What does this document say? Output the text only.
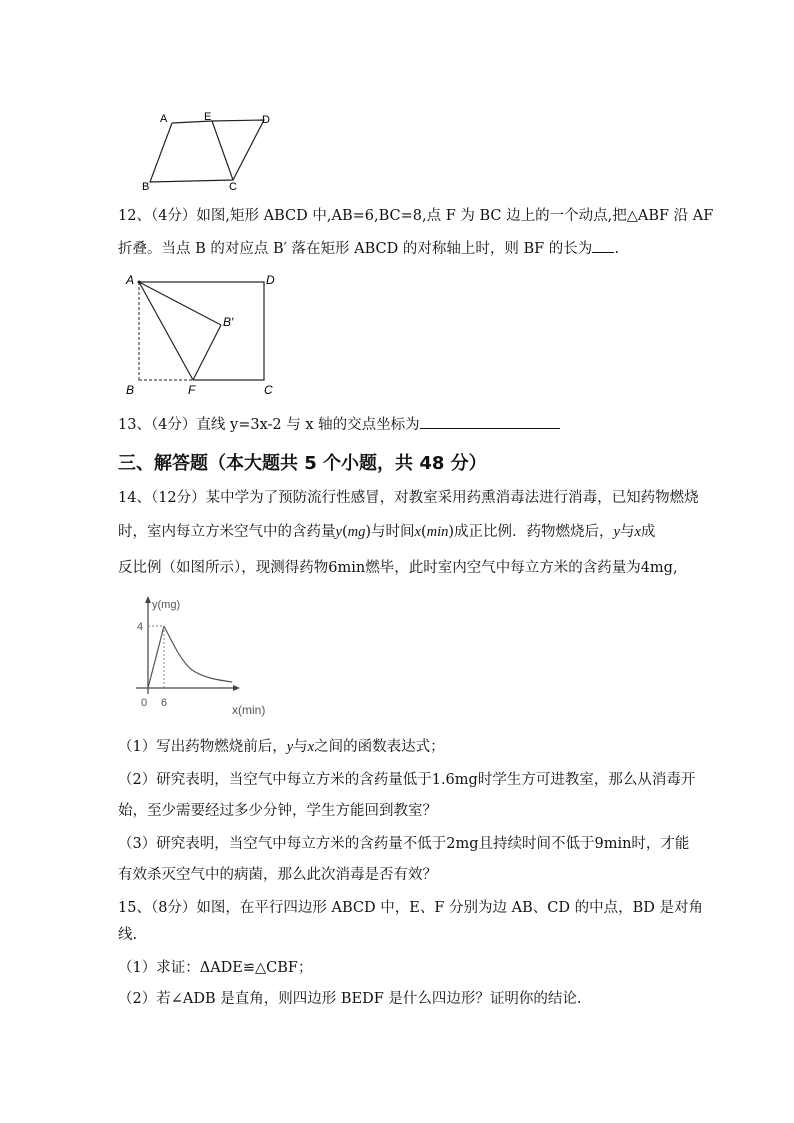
A	E	D
B	C
12、（4分）如图,矩形 ABCD 中,AB=6,BC=8,点 F 为 BC 边上的一个动点,把△ABF 沿 AF
折叠。当点 B 的对应点 B′ 落在矩形 ABCD 的对称轴上时，则 BF 的长为 .
A	D
B′
B	F	C
13、（4分）直线 y=3x-2 与 x 轴的交点坐标为
三、解答题（本大题共 5 个小题，共 48 分）
14、（12分）某中学为了预防流行性感冒，对教室采用药熏消毒法进行消毒，已知药物燃烧
时，室内每立方米空气中的含药量y(mg)与时间x(min)成正比例．药物燃烧后，y与x成
反比例（如图所示），现测得药物6min燃毕，此时室内空气中每立方米的含药量为4mg,
y(mg)
4
0 6	x(min)
（1）写出药物燃烧前后，y与x之间的函数表达式；
（2）研究表明，当空气中每立方米的含药量低于1.6mg时学生方可进教室，那么从消毒开
始，至少需要经过多少分钟，学生方能回到教室？
（3）研究表明，当空气中每立方米的含药量不低于2mg且持续时间不低于9min时，才能
有效杀灭空气中的病菌，那么此次消毒是否有效？
15、（8分）如图，在平行四边形 ABCD 中，E、F 分别为边 AB、CD 的中点，BD 是对角
线.
（1）求证：ΔADE≌△CBF；
（2）若∠ADB 是直角，则四边形 BEDF 是什么四边形？证明你的结论.
